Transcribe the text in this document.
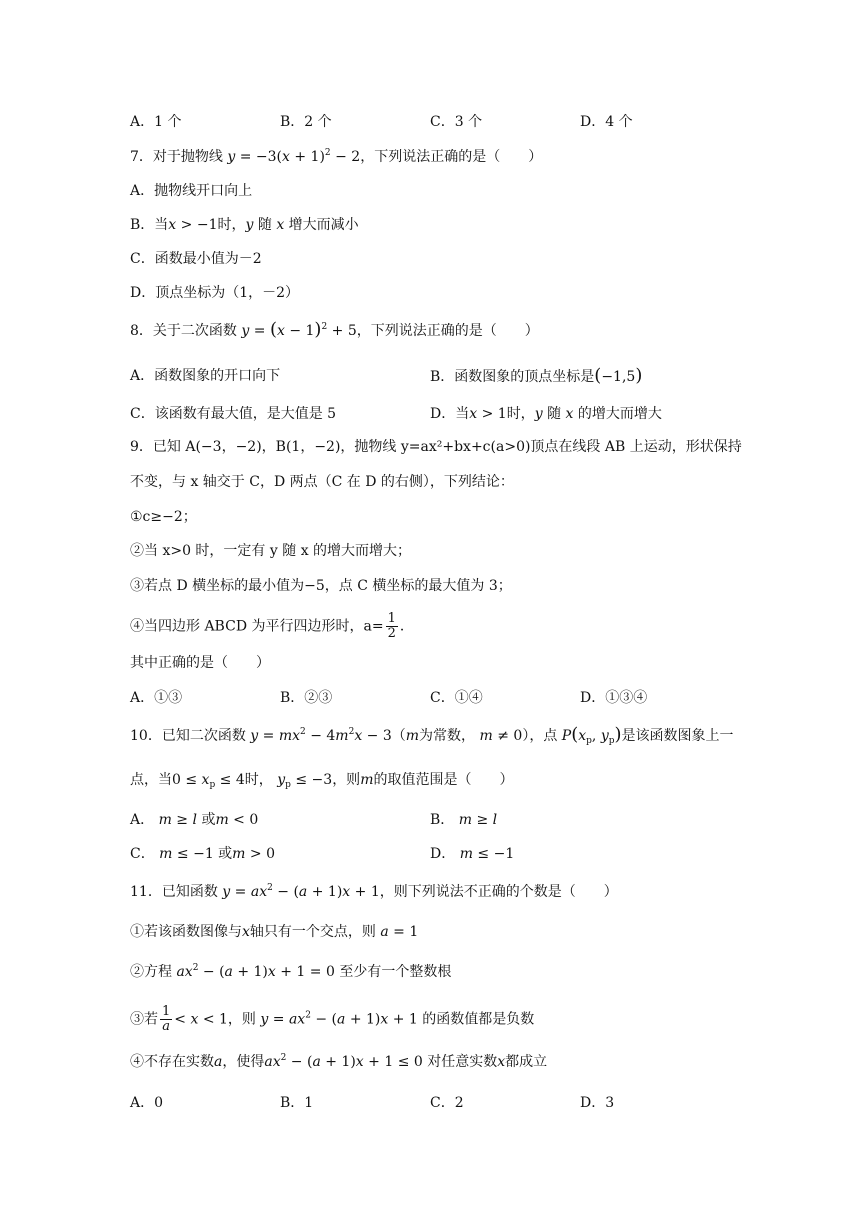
A．1 个	B．2 个	C．3 个	D．4 个
7．对于抛物线 $y = -3(x + 1)^2 - 2$，下列说法正确的是（　　）
A．抛物线开口向上
B．当x > −1时，y 随 x 增大而减小
C．函数最小值为－2
D．顶点坐标为（1，－2）
8．关于二次函数 $y = (x - 1)^2 + 5$，下列说法正确的是（　　）
A．函数图象的开口向下	B．函数图象的顶点坐标是(−1,5)
C．该函数有最大值，是大值是 5	D．当x > 1时，y 随 x 的增大而增大
9．已知 A(−3，−2)，B(1，−2)，抛物线 y=ax²+bx+c(a>0)顶点在线段 AB 上运动，形状保持
不变，与 x 轴交于 C，D 两点（C 在 D 的右侧），下列结论：
①c≥−2；
②当 x>0 时，一定有 y 随 x 的增大而增大；
③若点 D 横坐标的最小值为−5，点 C 横坐标的最大值为 3；
④当四边形 ABCD 为平行四边形时，$a= \frac{1}{2}$ ．
其中正确的是（　　）
A．①③	B．②③	C．①④	D．①③④
10．已知二次函数 $y = mx^2 - 4m^2x - 3(m$为常数， m ≠ 0），点 $P(x_p$, $y_p$)是该函数图象上一
点，当$0 \le x_p \le 4$时， $y_p \le -3$，则m的取值范围是（　　）
A． m ≥ l 或m < 0	B． m ≥ l
C． m ≤ −1 或m > 0	D． m ≤ −1
11．已知函数 $y = ax^2 - (a + 1)x + 1$，则下列说法不正确的个数是（　　）
①若该函数图像与x轴只有一个交点，则 a = 1
②方程 $ax^2 - (a + 1)x + 1 = 0$ 至少有一个整数根
③若 $\frac{1}{a} < x < 1$，则 $y = ax^2 - (a + 1)x + 1$ 的函数值都是负数
④不存在实数a，使得$ax^2 - (a + 1)x + 1 \le 0$ 对任意实数x都成立
A．0	B．1	C．2	D．3
